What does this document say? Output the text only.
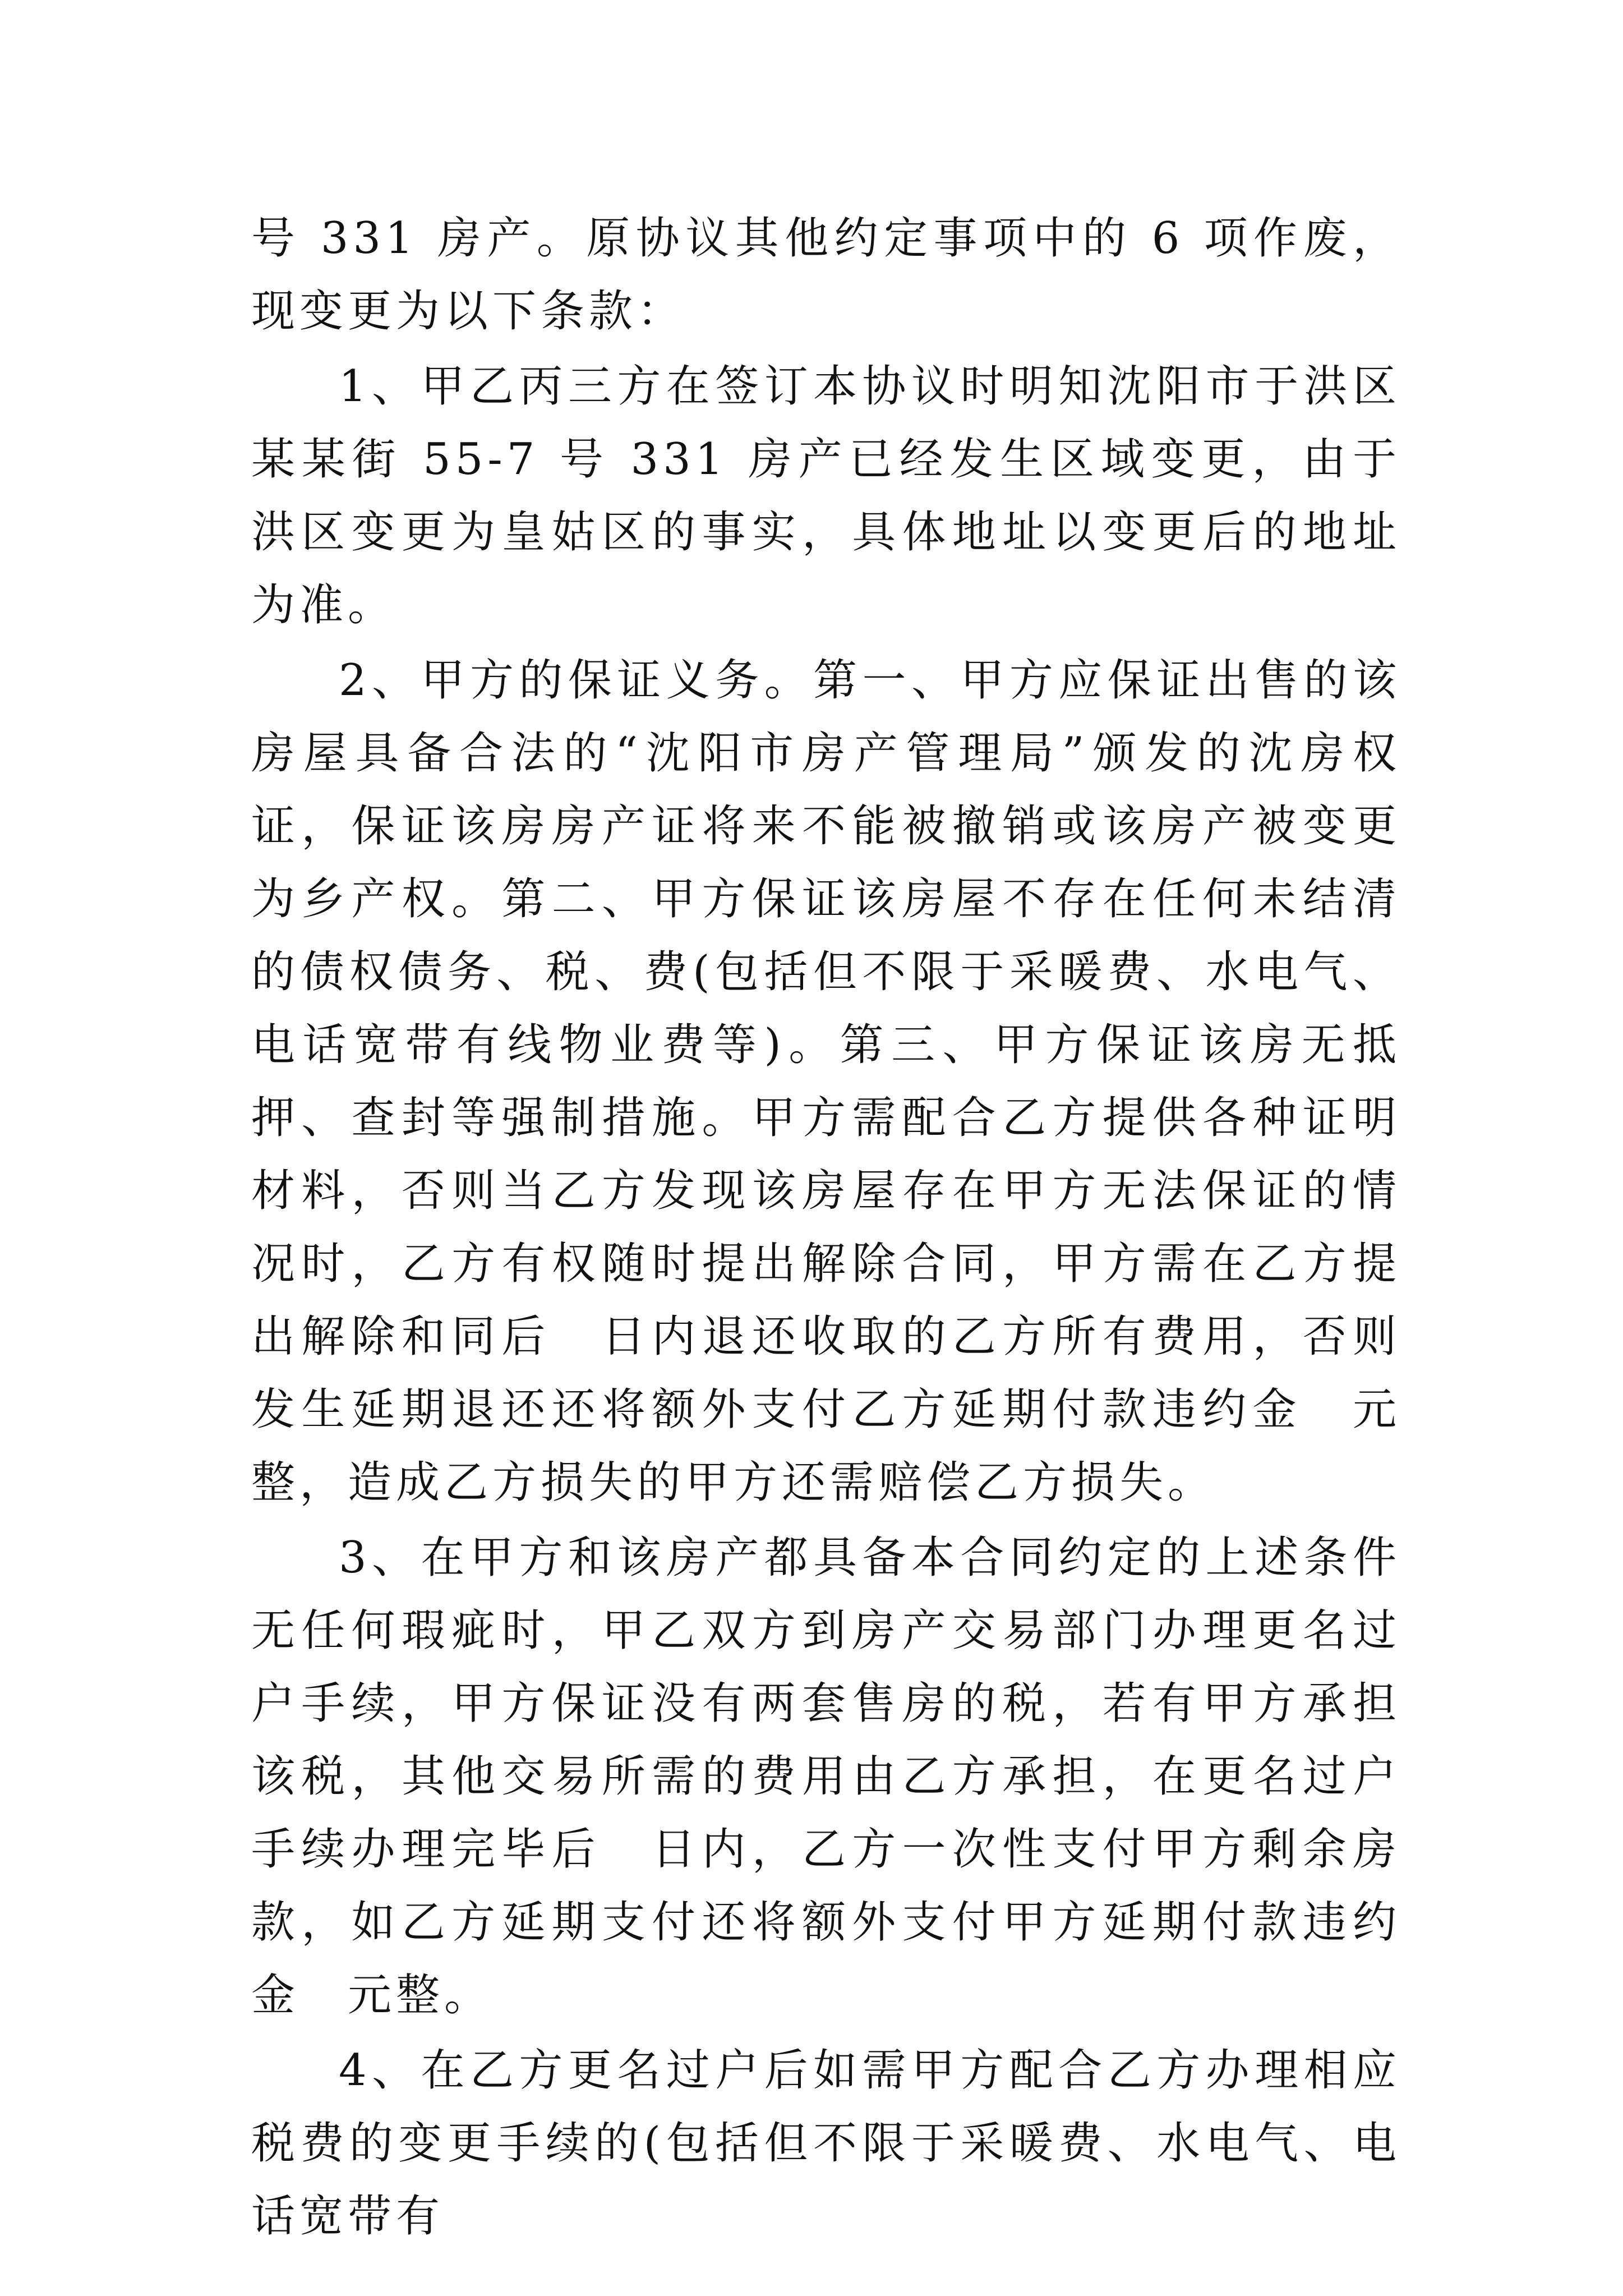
号 331 房产。原协议其他约定事项中的 6 项作废，现变更为以下条款：

1、甲乙丙三方在签订本协议时明知沈阳市于洪区某某街 55-7 号 331 房产已经发生区域变更，由于洪区变更为皇姑区的事实，具体地址以变更后的地址为准。

2、甲方的保证义务。第一、甲方应保证出售的该房屋具备合法的“沈阳市房产管理局”颁发的沈房权证，保证该房房产证将来不能被撤销或该房产被变更为乡产权。第二、甲方保证该房屋不存在任何未结清的债权债务、税、费(包括但不限于采暖费、水电气、电话宽带有线物业费等)。第三、甲方保证该房无抵押、查封等强制措施。甲方需配合乙方提供各种证明材料，否则当乙方发现该房屋存在甲方无法保证的情况时，乙方有权随时提出解除合同，甲方需在乙方提出解除和同后　日内退还收取的乙方所有费用，否则发生延期退还还将额外支付乙方延期付款违约金　元整，造成乙方损失的甲方还需赔偿乙方损失。

3、在甲方和该房产都具备本合同约定的上述条件无任何瑕疵时，甲乙双方到房产交易部门办理更名过户手续，甲方保证没有两套售房的税，若有甲方承担该税，其他交易所需的费用由乙方承担，在更名过户手续办理完毕后　日内，乙方一次性支付甲方剩余房款，如乙方延期支付还将额外支付甲方延期付款违约金　元整。

4、在乙方更名过户后如需甲方配合乙方办理相应税费的变更手续的(包括但不限于采暖费、水电气、电话宽带有
